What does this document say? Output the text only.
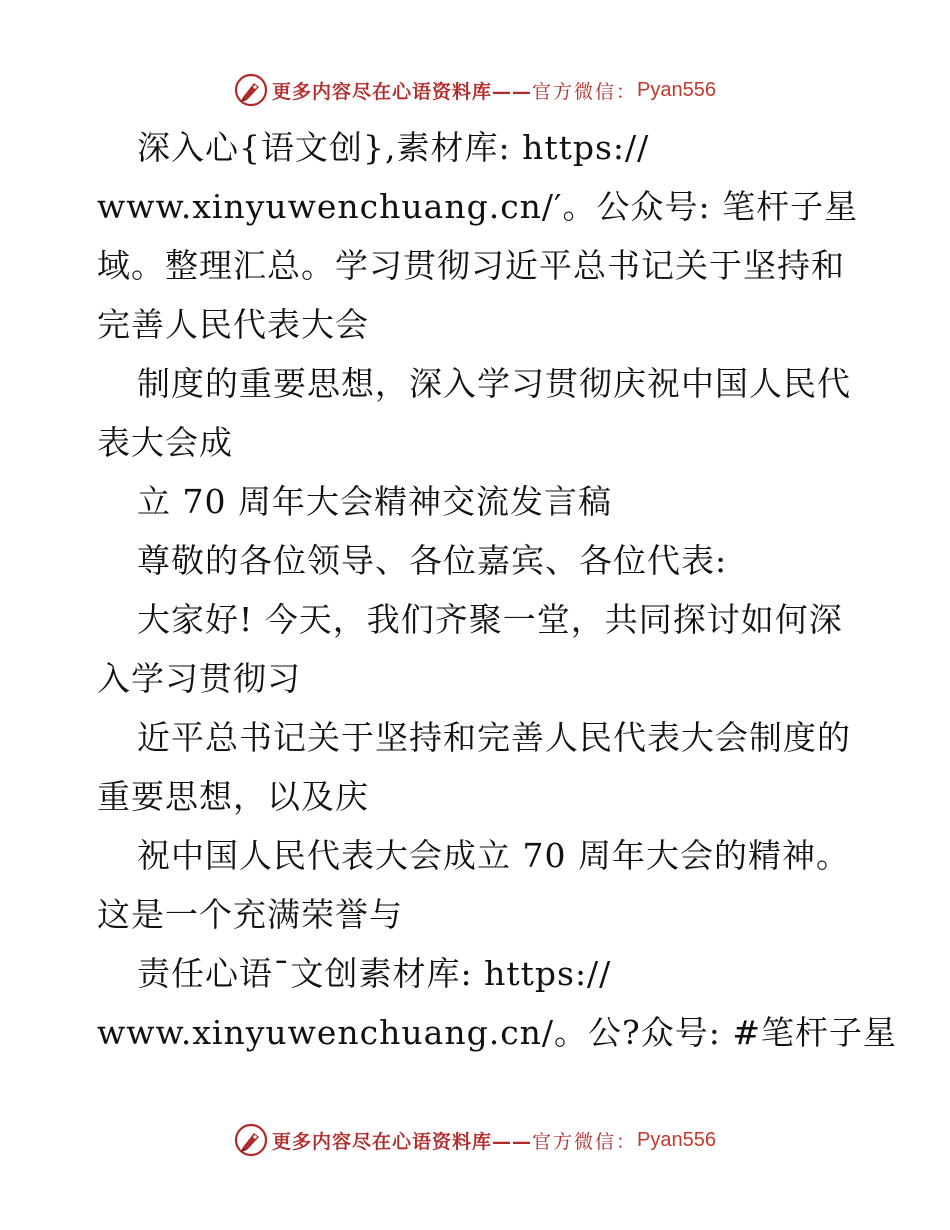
更多内容尽在心语资料库—— 官方微信： Pyan556
深入心{语文创},素材库: https://
www.xinyuwenchuang.cn/′。公众号: 笔杆子星
域。整理汇总。学习贯彻习近平总书记关于坚持和
完善人民代表大会
制度的重要思想，深入学习贯彻庆祝中国人民代
表大会成
立 70 周年大会精神交流发言稿
尊敬的各位领导、各位嘉宾、各位代表:
大家好! 今天，我们齐聚一堂，共同探讨如何深
入学习贯彻习
近平总书记关于坚持和完善人民代表大会制度的
重要思想，以及庆
祝中国人民代表大会成立 70 周年大会的精神。
这是一个充满荣誉与
责任心语¯文创素材库: https://
www.xinyuwenchuang.cn/。公?众号: #笔杆子星
更多内容尽在心语资料库—— 官方微信： Pyan556
